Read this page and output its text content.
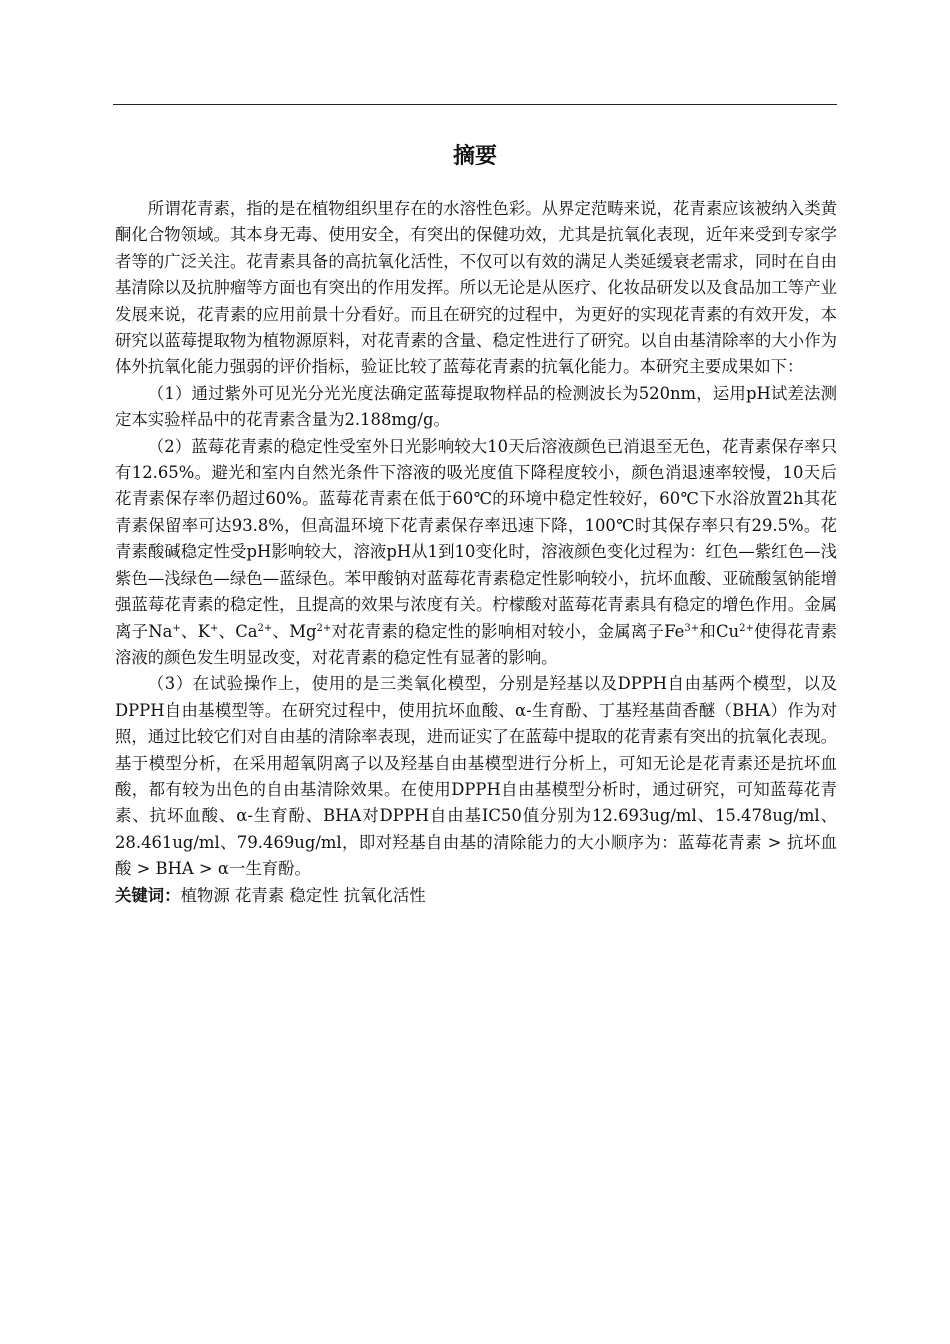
摘要

所谓花青素，指的是在植物组织里存在的水溶性色彩。从界定范畴来说，花青素应该被纳入类黄酮化合物领域。其本身无毒、使用安全，有突出的保健功效，尤其是抗氧化表现，近年来受到专家学者等的广泛关注。花青素具备的高抗氧化活性，不仅可以有效的满足人类延缓衰老需求，同时在自由基清除以及抗肿瘤等方面也有突出的作用发挥。所以无论是从医疗、化妆品研发以及食品加工等产业发展来说，花青素的应用前景十分看好。而且在研究的过程中，为更好的实现花青素的有效开发，本研究以蓝莓提取物为植物源原料，对花青素的含量、稳定性进行了研究。以自由基清除率的大小作为体外抗氧化能力强弱的评价指标，验证比较了蓝莓花青素的抗氧化能力。本研究主要成果如下：

（1）通过紫外可见光分光光度法确定蓝莓提取物样品的检测波长为520nm，运用pH试差法测定本实验样品中的花青素含量为2.188mg/g。

（2）蓝莓花青素的稳定性受室外日光影响较大10天后溶液颜色已消退至无色，花青素保存率只有12.65%。避光和室内自然光条件下溶液的吸光度值下降程度较小，颜色消退速率较慢，10天后花青素保存率仍超过60%。蓝莓花青素在低于60℃的环境中稳定性较好，60℃下水浴放置2h其花青素保留率可达93.8%，但高温环境下花青素保存率迅速下降，100℃时其保存率只有29.5%。花青素酸碱稳定性受pH影响较大，溶液pH从1到10变化时，溶液颜色变化过程为：红色—紫红色—浅紫色—浅绿色—绿色—蓝绿色。苯甲酸钠对蓝莓花青素稳定性影响较小，抗坏血酸、亚硫酸氢钠能增强蓝莓花青素的稳定性，且提高的效果与浓度有关。柠檬酸对蓝莓花青素具有稳定的增色作用。金属离子Na+、K+、$Ca^{2+}$、$Mg^{2+}$对花青素的稳定性的影响相对较小，金属离子$Fe^{3+}$和$Cu^{2+}$使得花青素溶液的颜色发生明显改变，对花青素的稳定性有显著的影响。

（3）在试验操作上，使用的是三类氧化模型，分别是羟基以及DPPH自由基两个模型，以及DPPH自由基模型等。在研究过程中，使用抗坏血酸、α-生育酚、丁基羟基茴香醚（BHA）作为对照，通过比较它们对自由基的清除率表现，进而证实了在蓝莓中提取的花青素有突出的抗氧化表现。基于模型分析，在采用超氧阴离子以及羟基自由基模型进行分析上，可知无论是花青素还是抗坏血酸，都有较为出色的自由基清除效果。在使用DPPH自由基模型分析时，通过研究，可知蓝莓花青素、抗坏血酸、α-生育酚、BHA对DPPH自由基IC50值分别为12.693ug/ml、15.478ug/ml、28.461ug/ml、79.469ug/ml，即对羟基自由基的清除能力的大小顺序为：蓝莓花青素 > 抗坏血酸 > BHA > α一生育酚。

关键词：植物源 花青素 稳定性 抗氧化活性
